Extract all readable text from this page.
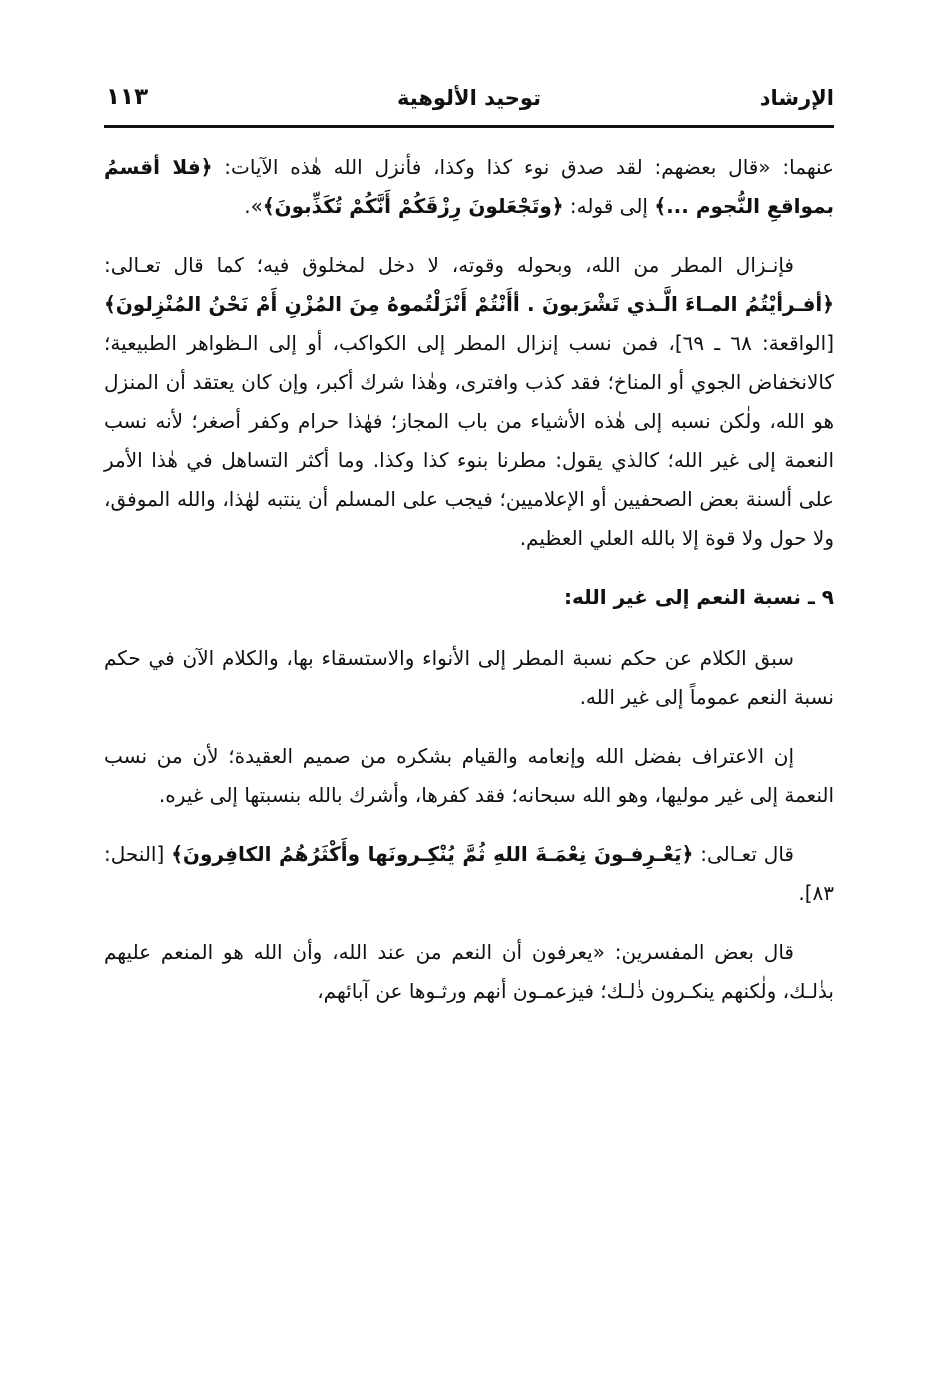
الإرشاد
توحيد الألوهية
١١٣

عنهما: «قال بعضهم: لقد صدق نوء كذا وكذا، فأنزل الله هٰذه الآيات: ﴿فلا أقسمُ بمواقعِ النُّجوم ...﴾ إلى قوله: ﴿وتَجْعَلونَ رِزْقَكُمْ أَنَّكُمْ تُكَذِّبونَ﴾».

فإنـزال المطر من الله، وبحوله وقوته، لا دخل لمخلوق فيه؛ كما قال تعـالى: ﴿أفـرأيْتُمُ المـاءَ الَّـذي تَشْرَبونَ . أأَنْتُمْ أَنْزَلْتُموهُ مِنَ المُزْنِ أَمْ نَحْنُ المُنْزِلونَ﴾ [الواقعة: ٦٨ ـ ٦٩]، فمن نسب إنزال المطر إلى الكواكب، أو إلى الـظواهر الطبيعية؛ كالانخفاض الجوي أو المناخ؛ فقد كذب وافترى، وهٰذا شرك أكبر، وإن كان يعتقد أن المنزل هو الله، ولٰكن نسبه إلى هٰذه الأشياء من باب المجاز؛ فهٰذا حرام وكفر أصغر؛ لأنه نسب النعمة إلى غير الله؛ كالذي يقول: مطرنا بنوء كذا وكذا. وما أكثر التساهل في هٰذا الأمر على ألسنة بعض الصحفيين أو الإعلاميين؛ فيجب على المسلم أن ينتبه لهٰذا، والله الموفق، ولا حول ولا قوة إلا بالله العلي العظيم.

٩ ـ نسبة النعم إلى غير الله:

سبق الكلام عن حكم نسبة المطر إلى الأنواء والاستسقاء بها، والكلام الآن في حكم نسبة النعم عموماً إلى غير الله.

إن الاعتراف بفضل الله وإنعامه والقيام بشكره من صميم العقيدة؛ لأن من نسب النعمة إلى غير موليها، وهو الله سبحانه؛ فقد كفرها، وأشرك بالله بنسبتها إلى غيره.

قال تعـالى: ﴿يَعْـرِفـونَ نِعْمَـةَ اللهِ ثُمَّ يُنْكِـرونَها وأَكْثَرُهُمُ الكافِرونَ﴾ [النحل: ٨٣].

قال بعض المفسرين: «يعرفون أن النعم من عند الله، وأن الله هو المنعم عليهم بذٰلـك، ولٰكنهم ينكـرون ذٰلـك؛ فيزعمـون أنهم ورثـوها عن آبائهم،
